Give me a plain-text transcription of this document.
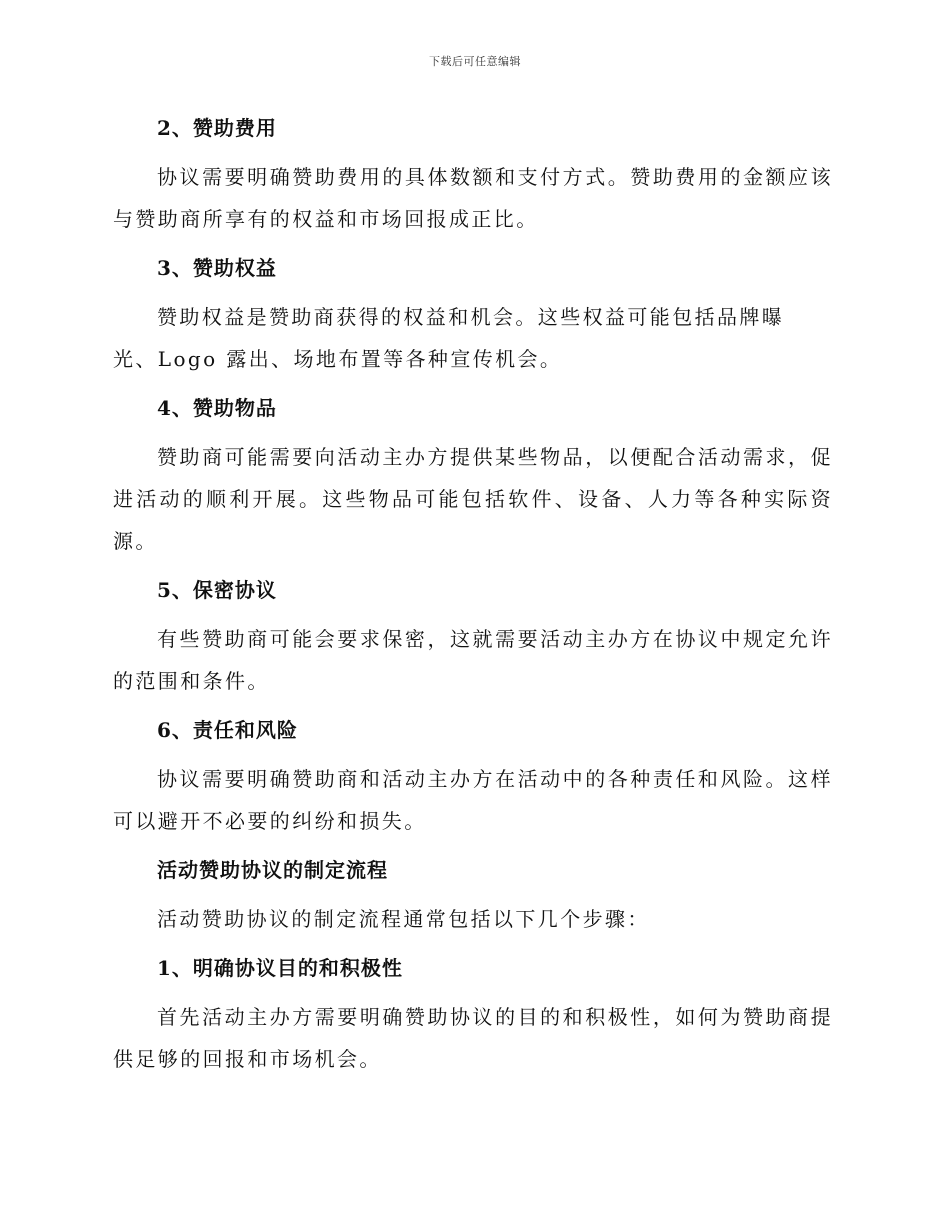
下载后可任意编辑
2、赞助费用
协议需要明确赞助费用的具体数额和支付方式。赞助费用的金额应该与赞助商所享有的权益和市场回报成正比。
3、赞助权益
赞助权益是赞助商获得的权益和机会。这些权益可能包括品牌曝
光、Logo 露出、场地布置等各种宣传机会。
4、赞助物品
赞助商可能需要向活动主办方提供某些物品，以便配合活动需求，促进活动的顺利开展。这些物品可能包括软件、设备、人力等各种实际资源。
5、保密协议
有些赞助商可能会要求保密，这就需要活动主办方在协议中规定允许的范围和条件。
6、责任和风险
协议需要明确赞助商和活动主办方在活动中的各种责任和风险。这样可以避开不必要的纠纷和损失。
活动赞助协议的制定流程
活动赞助协议的制定流程通常包括以下几个步骤：
1、明确协议目的和积极性
首先活动主办方需要明确赞助协议的目的和积极性，如何为赞助商提供足够的回报和市场机会。
